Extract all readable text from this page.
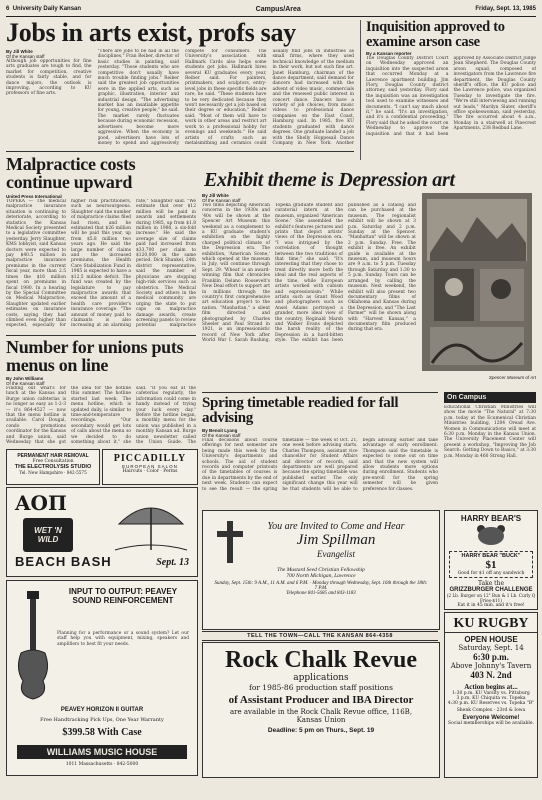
6 University Daily Kansan	Campus/Area	Friday, Sept. 13, 1985
Jobs in arts exist, profs say
By Jill White
Of the Kansan staff
Although job opportunities for fine arts graduates are tough to find, the market for competition, creative students is fairly stable, and for dance majors, the outlook is improving, according to KU professors of fine arts.
"There are jobs to be had in all the disciplines," Fran Reiber, director of basic studies in painting, said yesterday. "Those students who are competitive don't usually have much trouble finding jobs." Reiber said the greatest job opportunities were in the applied arts, such as graphic, illustration, interior and industrial design. "The advertising market has an insatiable appetite for young, creative people," he said. The market rarely fluctuates because during economic recession, advertisers become more aggressive. When the economy is good, advertisers have lots of money to spend and aggressively compete for consumers. The University's association with Hallmark Cards also helps some students get jobs. Hallmark hires several KU graduates every year, Reiber said. For painters, printmakers, and sculptors, entry-level jobs in these specific fields are rare, he said. "These students have to be very dedicated because they won't necessarily get a job based on their degree or education," Reiber said. "Most of them will have to work in other areas and restrict art work to a professional hobby for evenings and weekends." He said artists of crafts such as metalsmithing and ceramics could usually find jobs in industries as small firms, where they used technical knowledge of the medium in their work, but not such fine art. Janet Hamburg, chairman of the dance department, said demand for dancers had increased with the advent of video music, commercials and the renewed public interest in concert dance. Dancers have a variety of job choices, from music videos to professional dance companies on the East Coast, Hamburg said. In 1985, five KU students graduated with dance degrees. One graduate landed a job with the Shelly Hoppesail Dance Company in New York. Another
Inquisition approved to examine arson case
By a Kansan reporter
The Douglas County District Court on Wednesday approved an inquisition into the suspected arson that occurred Monday at a Lawrence apartment building. Jim Flory, Douglas County district attorney, said yesterday. Flory said the inquisition was an investigation tool used to examine witnesses and documents. "I can't say much about it," he said. "It's an investigation, and it's a confidential proceeding." Flory said that he asked the court on Wednesday to approve the inquisition and that it had been approved by Associate District Judge Jean Shepherd. The Douglas County arson squad, composed of investigators from the Lawrence fire department, the Douglas County sheriff's office, the KU police and the Lawrence police, was organized Tuesday to investigate the fire. "We're still interviewing and running out leads," Marilyn Slater, sheriff's office spokeswoman, said yesterday. The fire occurred about 4 a.m., Monday in a stairwell at Pinecrest Apartments, 238 Redbud Lane.
Malpractice costs continue upward
United Press International
TOPEKA — The medical malpractice insurance situation is continuing to deteriorate, according to statistics the Kansas Medical Society presented to a legislative committee yesterday. Jerry Slaughter, KMS lobbyist, said Kansas doctors were expected to pay $40.5 million in malpractice insurance premiums in the current fiscal year, more than 2.5 times the $16 million spent on premiums in fiscal 1980. In a hearing by the Special Committee on Medical Malpractice, Slaughter updated earlier estimates on insurance costs, saying they had climbed even higher than expected, especially for higher risk practitioners, such as neurosurgeons. Slaughter said the number of malpractice claims filed had risen, and he estimated that $26 million will be paid this year, up from $5.8 million two years ago. He said the large number of claims and the increased premiums, the Health Care Stabilization Fund in 1985 is expected to have a $12.5 million deficit. The fund was created by the legislature to pay malpractice awards that exceed the amount of a health care provider's insurance coverage. "The amount of money paid to claimants is also increasing at an alarming rate," Slaughter said. "We estimate that over $12 million will be paid in awards and settlements during 1985, up from $1.8 million in 1980, a six-fold increase." He said the average size of claims paid had increased from $33,700 per claim to $120,000 in the same period. Dick Shankel, 24th district representative, said the number of physicians are stopping high-risk services such as obstetrics. The Medical Society and others in the medical community are urging the state to put caps on malpractice damage awards, create screening panels to review potential malpractice
Exhibit theme is Depression art
By Jill White
Of the Kansan staff
Two films depicting American concerns in the 1930s and '40s will be shown at the Spencer Art Museum this weekend as a complement to a KU graduate student's exhibition on the highly charged political climate of the Depression era. The exhibition, 'American Scene,' which opened at the museum in July, will continue through Sept. 29. 'Wheat' is an award-winning film that chronicles Franklin Delano Roosevelt's New Deal effort to support art in millions through the country's first comprehensive art education project to the nation. "Manhattan," a silent film directed and photographed by Charles Sheeler and Paul Strand in 1921, is an impressionistic record of New York after World War I. Sarah Rushing, Topeka graduate student and curatorial intern at the museum, organized 'American Scene.' She assembled the exhibit's features pictures and prints that depict artists' views of the Depression era. "I was intrigued by the correlation of thought between the two traditions of that time," she said. "It's interesting that they chose to treat directly more both the ideal and the real aspects of the time, while European artists worked with cubism and expressionism." While artists such as Grant Wood and photographers such as Ansel Adams portrayed a grander, more ideal view of the country, Reginald Marsh and Walker Evans depicted the harsh reality of the Depression in a hard-bitten style. The exhibit has been published as a catalog and can be purchased at the museum. The regionalist exhibit will be shown at 3 p.m. Saturday and 2 p.m. Sunday at the Spencer. "Manhattan" will be shown at 2 p.m. Sunday. Free. The exhibit is free. An exhibit guide is available at the museum, and museum hours are 9 a.m. to 5 p.m. Tuesday through Saturday and 1:30 to 5 p.m. Sunday. Tours can be arranged by calling the museum. Next weekend, the exhibit will also present two documentary films of Oklahoma and Kansas during the Depression, and "The Last Farmer" will be shown along with "Harvest Kansas," a documentary film produced during that era.
Spencer Museum of Art
Number for unions puts menus on line
By John Williams
Of the Kansan staff
Finding out what's for lunch at the Kansas and Burge union cafeterias is no longer as easy as 1-2-3 — it's 864-4527 — now that the menu hotline is available. Carol Dougal, condo promotions coordinator for the Kansas and Burge union, said Wednesday that she got the idea for the hotline this summer. The hotline started last week. The menu hotline, which is updated daily, is similar to time-and-temperature recordings. "Our secondary would get lots of calls about the menu so we decided to do something about it," she said. "If you eat at the cafeterias regularly, the information could come in handy instead of trying your luck every day." Before the hotline began, a monthly menu for the union was published in a monthly Kansan ad. Burge union newsletter called the Union Guide. The
Spring timetable readied for fall advising
By Benoit Lyang
Of the Kansan staff
Final decisions about course offerings for next semester are being made this week by the University's departments and schools. The aid of student records and computer printouts of the timetables of courses is due in departments by the end of next week. Students can expect to see the result — the spring timetable — the week of Oct. 21, one week before advising starts. Charles Thompson, assistant vice chancellor for Student Affairs and director of records, said departments are well prepared because the spring timetable was published earlier. The only significant change this year will be that students will be able to begin advising earlier and take advantage of early enrollment. Thompson said the timetable is expected to come out on time and that the new system will allow students more options during enrollment. Students who pre-enroll for the spring semester will be given preference for classes.
On Campus
Educational Christian Ministries will show the movie "The Natural" at 7:30 p.m. today at the Ecumenical Christian Ministries building, 1204 Oread Ave. Women in Communications will meet at 6:30 p.m. Monday in the Kansas Union. The University Placement Center will present a workshop, "Improving the Job Search: Getting Down to Basics," at 3:30 p.m. Monday in 460 Strong Hall.
PERMANENT HAIR REMOVAL
Free Consultation
THE ELECTROLYSIS STUDIO
Tel. New Hampshire · 842-5575
PICCADILLY
EUROPEAN SALON
Haircuts · Color · Perms
ΑΟΠ
WET 'N WILD
BEACH BASH	Sept. 13
INPUT TO OUTPUT: PEAVEY SOUND REINFORCEMENT
Planning for a performance or a sound system? Let our staff help you with equipment, mixing, speakers and amplifiers to best fit your needs.
PEAVEY HORIZON II GUITAR
Free Handtracking Pick Ups, One Year Warranty
$399.58 With Case
WILLIAMS MUSIC HOUSE
1011 Massachusetts · 842-5000
You are Invited to Come and Hear
Jim Spillman
Evangelist
The Mustard Seed Christian Fellowship
700 North Michigan, Lawrence
Sunday, Sept. 15th: 9 A.M., 11 A.M. and 6 P.M. · Monday through Wednesday, Sept. 16th through the 18th: 7 P.M.
Telephone 841-5685 and 843-1183
TELL THE TOWN—CALL THE KANSAN 864-4358
Rock Chalk Revue
applications
for 1985-86 production staff positions
of Assistant Producer and IBA Director
are available in the Rock Chalk Revue office, 116B, Kansas Union
Deadline: 5 pm on Thurs., Sept. 19
HARRY BEAR'S
HARRY BEAR "BUCK"
$1
Good for $1 off any sandwich
Take the
GRIZZBURGER CHALLENGE
(2 Lb. Burger on 12" Bun & 1 Lb. Curly Q Fries-$11)
Eat it in 45 min. and it's free!
KU RUGBY
OPEN HOUSE
Saturday, Sept. 14
6:30 p.m.
Above Johnny's Tavern
403 N. 2nd
Action begins at...
1:30 p.m. KU Varsity vs. Pittsburg
3 p.m. KU Chiquita vs. Topeka
4:30 p.m. KU Reserves vs. Topeka "B"
Shenk Complex · 23rd & Iowa
Everyone Welcome!
Social memberships will be available.
